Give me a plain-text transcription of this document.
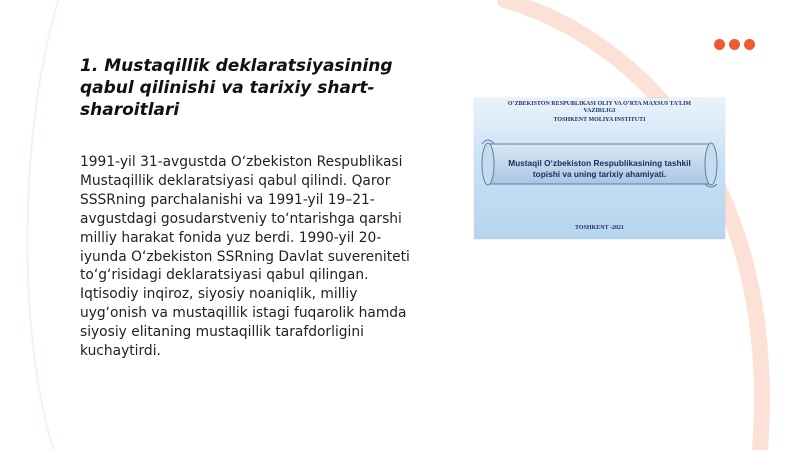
1. Mustaqillik deklaratsiyasining qabul qilinishi va tarixiy shart-sharoitlari

1991-yil 31-avgustda O‘zbekiston Respublikasi Mustaqillik deklaratsiyasi qabul qilindi. Qaror SSSRning parchalanishi va 1991-yil 19–21-avgustdagi gosudarstveniy to‘ntarishga qarshi milliy harakat fonida yuz berdi. 1990-yil 20-iyunda O‘zbekiston SSRning Davlat suvereniteti to‘g‘risidagi deklaratsiyasi qabul qilingan. Iqtisodiy inqiroz, siyosiy noaniqlik, milliy uyg‘onish va mustaqillik istagi fuqarolik hamda siyosiy elitaning mustaqillik tarafdorligini kuchaytirdi.

O‘ZBEKISTON RESPUBLIKASI OLIY VA O‘RTA MAXSUS TA’LIM

VAZIRLIGI

TOSHKENT MOLIYA INSTITUTI

Mustaqil O‘zbekiston Respublikasining tashkil topishi va uning tarixiy ahamiyati.

TOSHKENT -2021
